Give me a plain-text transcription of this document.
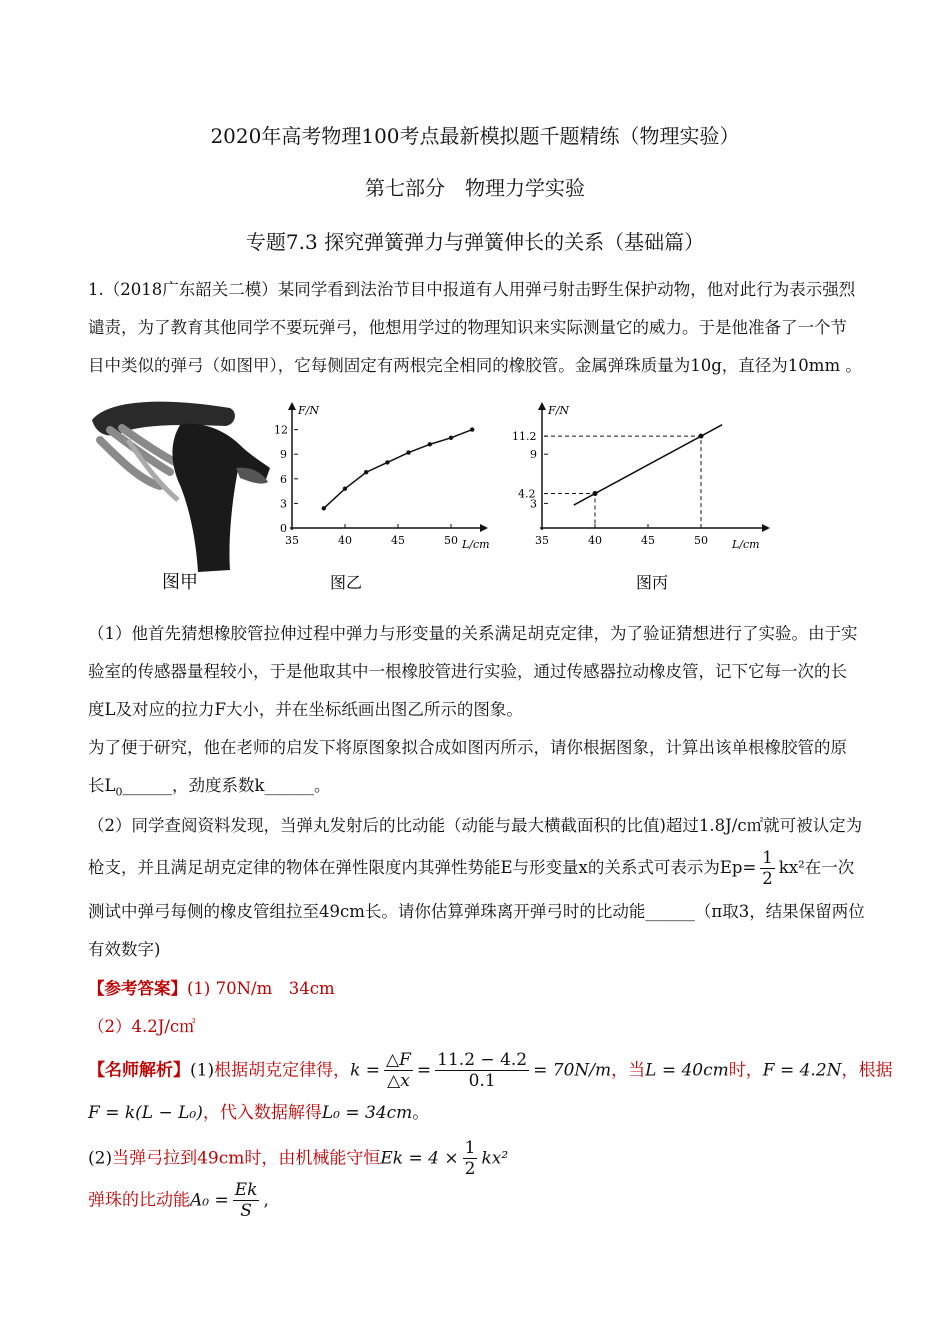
2020年高考物理100考点最新模拟题千题精练（物理实验）
第七部分　物理力学实验
专题7.3 探究弹簧弹力与弹簧伸长的关系（基础篇）
1.（2018广东韶关二模）某同学看到法治节目中报道有人用弹弓射击野生保护动物，他对此行为表示强烈
谴责，为了教育其他同学不要玩弹弓，他想用学过的物理知识来实际测量它的威力。于是他准备了一个节
目中类似的弹弓（如图甲），它每侧固定有两根完全相同的橡胶管。金属弹珠质量为10g，直径为10mm 。
图甲
F/N
L/cm
35	40	45	50
0
3
6
9
12
图乙
F/N
L/cm
35	40	45	50
3
4.2
9
11.2
图丙
（1）他首先猜想橡胶管拉伸过程中弹力与形变量的关系满足胡克定律，为了验证猜想进行了实验。由于实
验室的传感器量程较小，于是他取其中一根橡胶管进行实验，通过传感器拉动橡皮管，记下它每一次的长
度L及对应的拉力F大小，并在坐标纸画出图乙所示的图象。
为了便于研究，他在老师的启发下将原图象拟合成如图丙所示，请你根据图象，计算出该单根橡胶管的原
长$L_0\_\_\_\_\_\_$，劲度系数k______。
（2）同学查阅资料发现，当弹丸发射后的比动能（动能与最大横截面积的比值)超过1.8J/c㎡就可被认定为
枪支，并且满足胡克定律的物体在弹性限度内其弹性势能E与形变量x的关系式可表示为$Ep= \frac{1}{2} kx^2$在一次
测试中弹弓每侧的橡皮管组拉至49cm长。请你估算弹珠离开弹弓时的比动能______（π取3，结果保留两位
有效数字)
【参考答案】(1) 70N/m　34cm
（2）4.2J/c㎡
【名师解析】(1)根据胡克定律得，$k = \frac{\triangle F}{\triangle x} = \frac{11.2 - 4.2}{0.1} = 70N/m$，当L = 40cm时，F = 4.2N，根据
F = k(L − L₀)，代入数据解得L₀ = 34cm。
(2)当弹弓拉到49cm时，由机械能守恒$Ek = 4 \times \frac{1}{2} kx^2$
弹珠的比动能$A_0 = \frac{Ek}{S}$ ,
